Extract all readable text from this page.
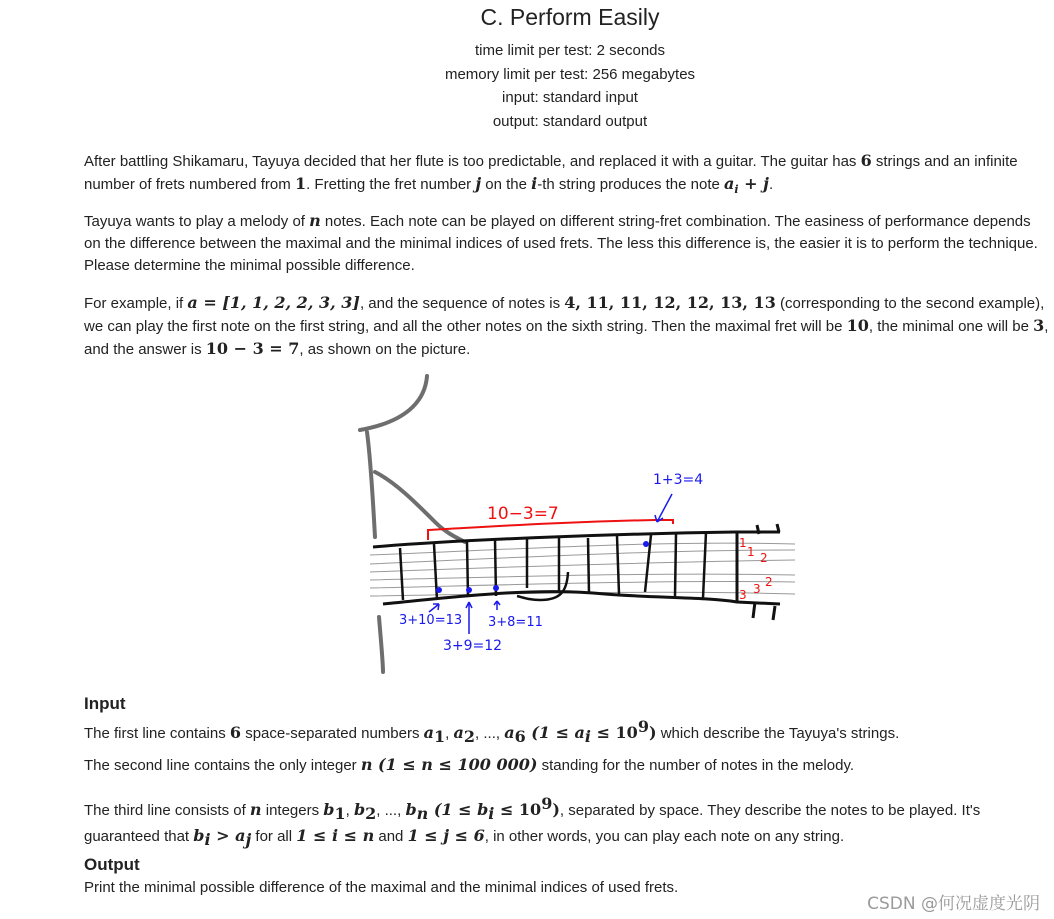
C. Perform Easily
time limit per test: 2 seconds
memory limit per test: 256 megabytes
input: standard input
output: standard output

After battling Shikamaru, Tayuya decided that her flute is too predictable, and replaced it with a guitar. The guitar has 6 strings and an infinite number of frets numbered from 1. Fretting the fret number j on the i-th string produces the note $a_i + j$.

Tayuya wants to play a melody of n notes. Each note can be played on different string-fret combination. The easiness of performance depends on the difference between the maximal and the minimal indices of used frets. The less this difference is, the easier it is to perform the technique. Please determine the minimal possible difference.

For example, if a = [1, 1, 2, 2, 3, 3], and the sequence of notes is 4, 11, 11, 12, 12, 13, 13 (corresponding to the second example), we can play the first note on the first string, and all the other notes on the sixth string. Then the maximal fret will be 10, the minimal one will be 3, and the answer is 10 − 3 = 7, as shown on the picture.

10−3=7
1
1 2
2
3
3
1+3=4
3+10=13
3+9=12
3+8=11
Input

The first line contains 6 space-separated numbers $a_1$, $a_2$, ..., $a_6$ $(1 \le a_i \le 10^9)$ which describe the Tayuya's strings.

The second line contains the only integer n (1 ≤ n ≤ 100 000) standing for the number of notes in the melody.

The third line consists of n integers $b_1$, $b_2$, ..., $b_n$ $(1 \le b_i \le 10^9)$, separated by space. They describe the notes to be played. It's guaranteed that $b_i > a_j$ for all 1 ≤ i ≤ n and 1 ≤ j ≤ 6, in other words, you can play each note on any string.

Output
Print the minimal possible difference of the maximal and the minimal indices of used frets.
CSDN @何况虚度光阴
